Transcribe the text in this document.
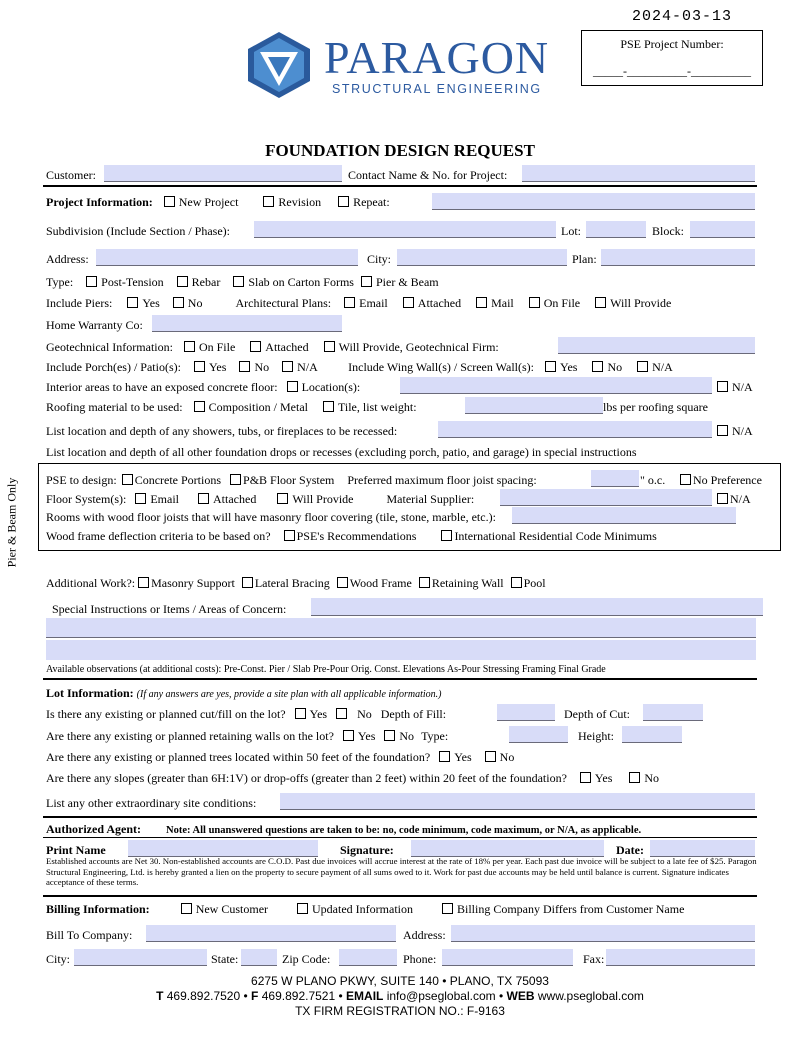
2024-03-13
PSE Project Number:
_____-__________-__________
PARAGON
STRUCTURAL ENGINEERING
FOUNDATION DESIGN REQUEST
Pier & Beam Only
Customer:	Contact Name & No. for Project:
Project Information: New Project	Revision	Repeat:
Subdivision (Include Section / Phase):	Lot:	Block:
Address:	City:	Plan:
Type: Post-Tension Rebar Slab on Carton Forms Pier & Beam
Include Piers:	Yes No	Architectural Plans: Email	Attached	Mail	On File	Will Provide
Home Warranty Co:
Geotechnical Information: On File	Attached	Will Provide, Geotechnical Firm:
Include Porch(es) / Patio(s): Yes No N/A	Include Wing Wall(s) / Screen Wall(s): Yes	No	N/A
Interior areas to have an exposed concrete floor: Location(s):	N/A
Roofing material to be used: Composition / Metal	Tile, list weight:	lbs per roofing square
List location and depth of any showers, tubs, or fireplaces to be recessed:	N/A
List location and depth of all other foundation drops or recesses (excluding porch, patio, and garage) in special instructions
PSE to design: Concrete Portions P&B Floor System Preferred maximum floor joist spacing:	" o.c.	No Preference
Floor System(s): Email	Attached	Will Provide	Material Supplier:	N/A
Rooms with wood floor joists that will have masonry floor covering (tile, stone, marble, etc.):
Wood frame deflection criteria to be based on? PSE's Recommendations	International Residential Code Minimums
Additional Work?: Masonry Support Lateral Bracing Wood Frame Retaining Wall Pool
Special Instructions or Items / Areas of Concern:
Available observations (at additional costs): Pre-Const. Pier / Slab Pre-Pour Orig. Const. Elevations As-Pour Stressing Framing Final Grade
Lot Information: (If any answers are yes, provide a site plan with all applicable information.)
Is there any existing or planned cut/fill on the lot? Yes	No Depth of Fill:	Depth of Cut:
Are there any existing or planned retaining walls on the lot? Yes No Type:	Height:
Are there any existing or planned trees located within 50 feet of the foundation? Yes No
Are there any slopes (greater than 6H:1V) or drop-offs (greater than 2 feet) within 20 feet of the foundation? Yes	No
List any other extraordinary site conditions:
Authorized Agent: Note: All unanswered questions are taken to be: no, code minimum, code maximum, or N/A, as applicable.
Print Name	Signature:	Date:
Established accounts are Net 30. Non-established accounts are C.O.D. Past due invoices will accrue interest at the rate of 18% per year. Each past due invoice will be subject to a late fee of $25. Paragon Structural Engineering, Ltd. is hereby granted a lien on the property to secure payment of all sums owed to it. Work for past due accounts may be held until balance is current. Signature indicates acceptance of these terms.
Billing Information:	New Customer	Updated Information	Billing Company Differs from Customer Name
Bill To Company:	Address:
City:	State:	Zip Code:	Phone:	Fax:
6275 W PLANO PKWY, SUITE 140 • PLANO, TX 75093
T 469.892.7520 • F 469.892.7521 • EMAIL info@pseglobal.com • WEB www.pseglobal.com
TX FIRM REGISTRATION NO.: F-9163
